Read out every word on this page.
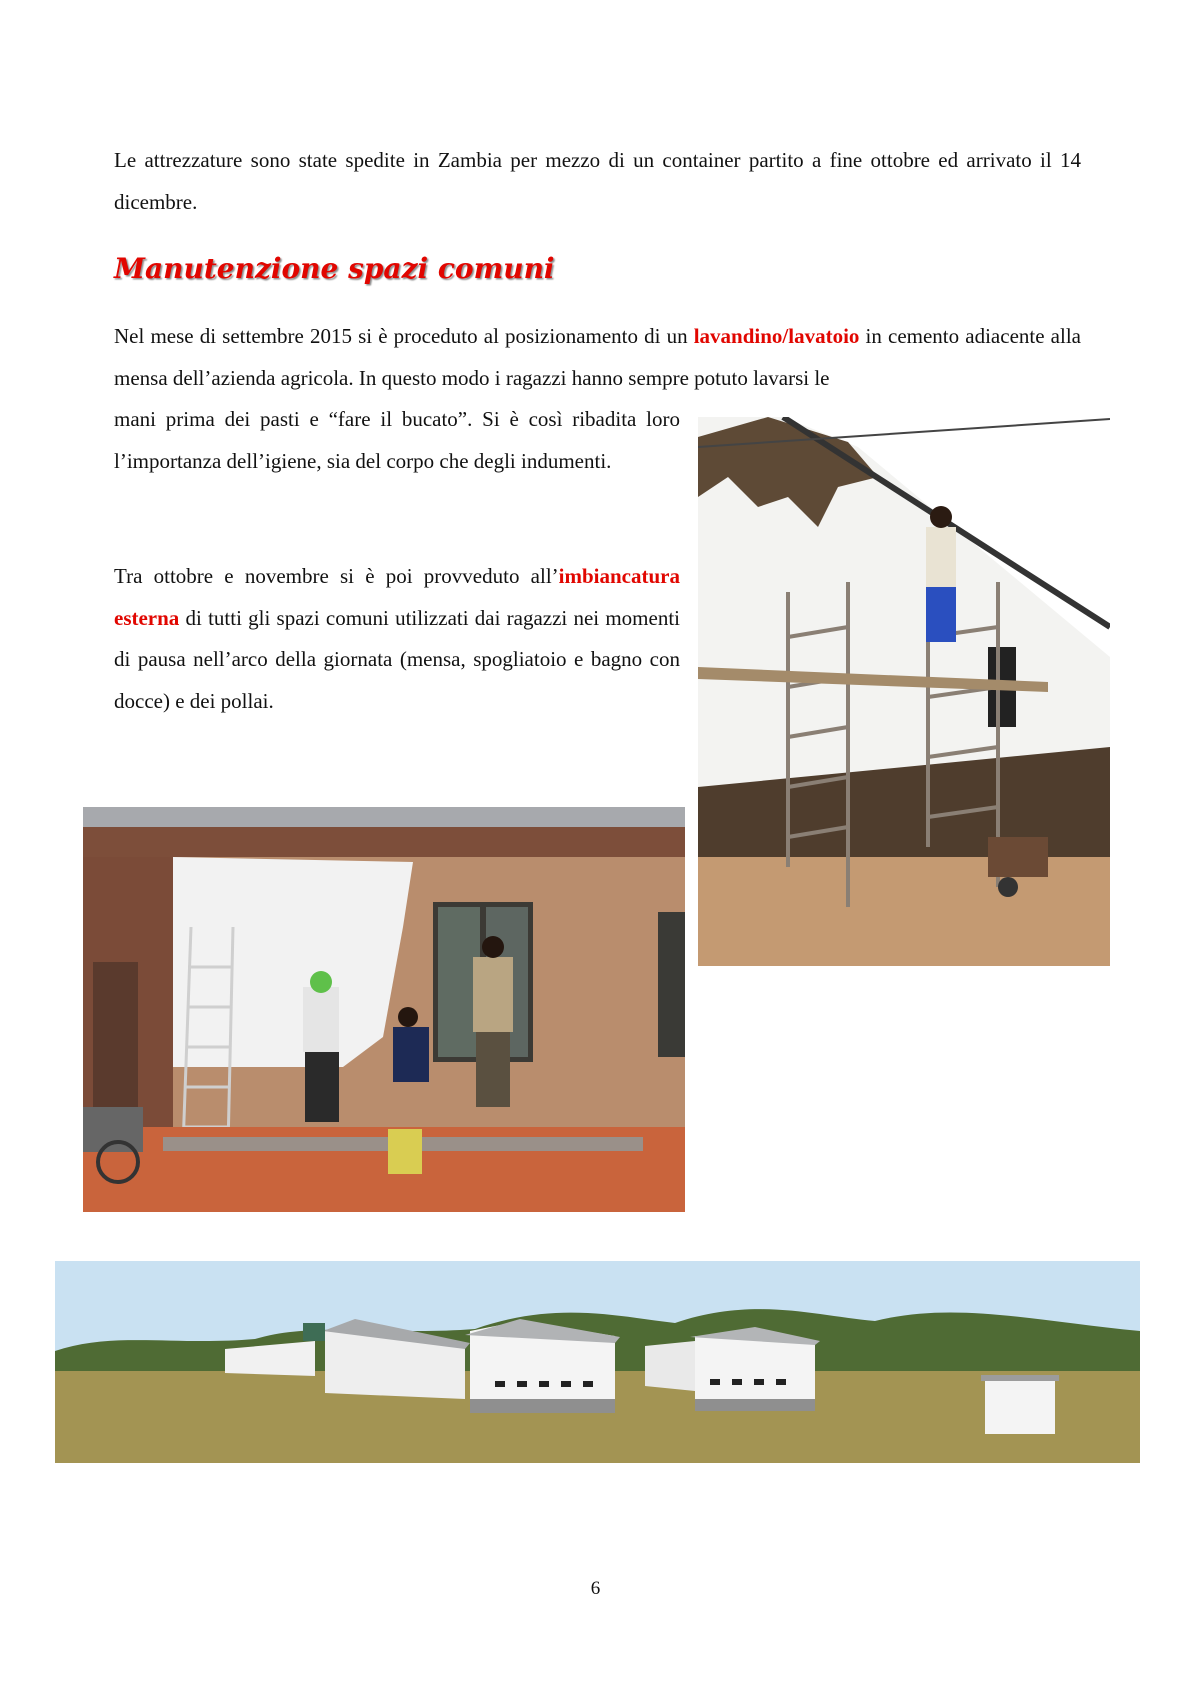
Le attrezzature sono state spedite in Zambia per mezzo di un container partito a fine ottobre ed arrivato il 14 dicembre.

Manutenzione spazi comuni

Nel mese di settembre 2015 si è proceduto al posizionamento di un lavandino/lavatoio in cemento adiacente alla mensa dell’azienda agricola. In questo modo i ragazzi hanno sempre potuto lavarsi le

mani prima dei pasti e “fare il bucato”. Si è così ribadita loro l’importanza dell’igiene, sia del corpo che degli indumenti.

Tra ottobre e novembre si è poi provveduto all’imbiancatura esterna di tutti gli spazi comuni utilizzati dai ragazzi nei momenti di pausa nell’arco della giornata (mensa, spogliatoio e bagno con docce) e dei pollai.

6
